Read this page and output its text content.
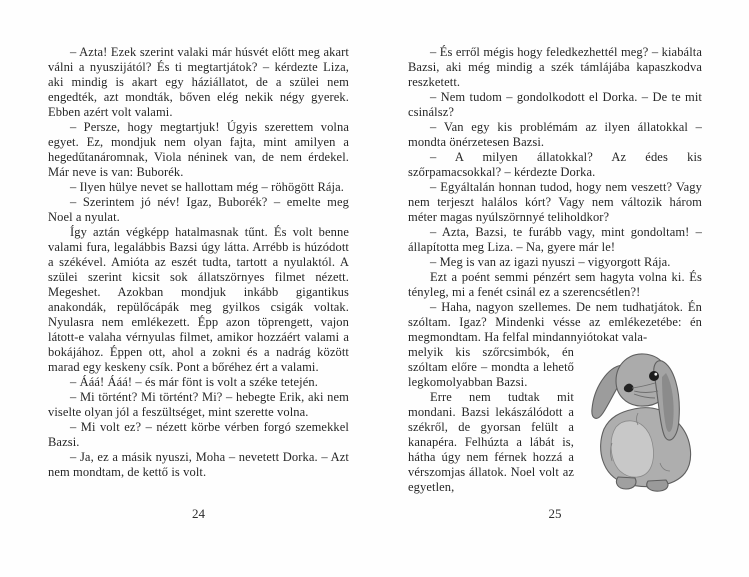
– Azta! Ezek szerint valaki már húsvét előtt meg akart válni a nyuszijától? És ti megtartjátok? – kérdezte Liza, aki mindig is akart egy háziállatot, de a szülei nem engedték, azt mondták, bőven elég nekik négy gyerek. Ebben azért volt valami.

– Persze, hogy megtartjuk! Úgyis szerettem volna egyet. Ez, mondjuk nem olyan fajta, mint amilyen a hegedűtanáromnak, Viola néninek van, de nem érdekel. Már neve is van: Buborék.

– Ilyen hülye nevet se hallottam még – röhögött Rája.

– Szerintem jó név! Igaz, Buborék? – emelte meg Noel a nyulat.

Így aztán végképp hatalmasnak tűnt. És volt benne valami fura, legalábbis Bazsi úgy látta. Arrébb is húzódott a székével. Amióta az eszét tudta, tartott a nyulaktól. A szülei szerint kicsit sok állatszörnyes filmet nézett. Megeshet. Azokban mondjuk inkább gigantikus anakondák, repülőcápák meg gyilkos csigák voltak. Nyulasra nem emlékezett. Épp azon töprengett, vajon látott-e valaha vérnyulas filmet, amikor hozzáért valami a bokájához. Éppen ott, ahol a zokni és a nadrág között marad egy keskeny csík. Pont a bőréhez ért a valami.

– Ááá! Ááá! – és már fönt is volt a széke tetején.

– Mi történt? Mi történt? Mi? – hebegte Erik, aki nem viselte olyan jól a feszültséget, mint szerette volna.

– Mi volt ez? – nézett körbe vérben forgó szemekkel Bazsi.

– Ja, ez a másik nyuszi, Moha – nevetett Dorka. – Azt nem mondtam, de kettő is volt.

– És erről mégis hogy feledkezhettél meg? – kiabálta Bazsi, aki még mindig a szék támlájába kapaszkodva reszketett.

– Nem tudom – gondolkodott el Dorka. – De te mit csinálsz?

– Van egy kis problémám az ilyen állatokkal – mondta önérzetesen Bazsi.

– A milyen állatokkal? Az édes kis szőrpamacsokkal? – kérdezte Dorka.

– Egyáltalán honnan tudod, hogy nem veszett? Vagy nem terjeszt halálos kórt? Vagy nem változik három méter magas nyúlszörnnyé teliholdkor?

– Azta, Bazsi, te furább vagy, mint gondoltam! – állapította meg Liza. – Na, gyere már le!

– Meg is van az igazi nyuszi – vigyorgott Rája.

Ezt a poént semmi pénzért sem hagyta volna ki. És tényleg, mi a fenét csinál ez a szerencsétlen?!

– Haha, nagyon szellemes. De nem tudhatjátok. Én szóltam. Igaz? Mindenki vésse az emlékezetébe: én megmondtam. Ha felfal mindannyiótokat vala-

melyik kis szőrcsimbók, én szóltam előre – mondta a lehető legkomolyabban Bazsi.

Erre nem tudtak mit mondani. Bazsi lekászálódott a székről, de gyorsan felült a kanapéra. Felhúzta a lábát is, hátha úgy nem férnek hozzá a vérszomjas állatok. Noel volt az egyetlen,

24	25
